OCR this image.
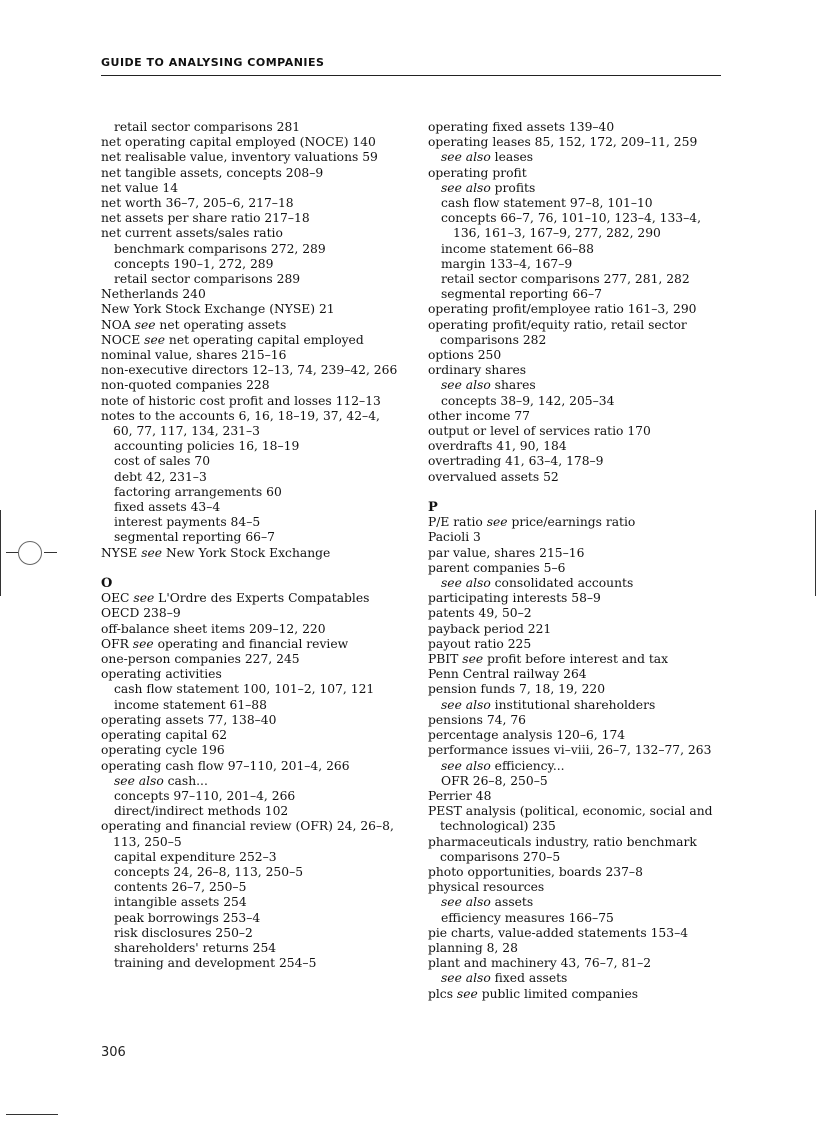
GUIDE TO ANALYSING COMPANIES
retail sector comparisons 281
net operating capital employed (NOCE) 140
net realisable value, inventory valuations 59
net tangible assets, concepts 208–9
net value 14
net worth 36–7, 205–6, 217–18
net assets per share ratio 217–18
net current assets/sales ratio
benchmark comparisons 272, 289
concepts 190–1, 272, 289
retail sector comparisons 289
Netherlands 240
New York Stock Exchange (NYSE) 21
NOA see net operating assets
NOCE see net operating capital employed
nominal value, shares 215–16
non-executive directors 12–13, 74, 239–42, 266
non-quoted companies 228
note of historic cost profit and losses 112–13
notes to the accounts 6, 16, 18–19, 37, 42–4, 60, 77, 117, 134, 231–3
accounting policies 16, 18–19
cost of sales 70
debt 42, 231–3
factoring arrangements 60
fixed assets 43–4
interest payments 84–5
segmental reporting 66–7
NYSE see New York Stock Exchange
O
OEC see L'Ordre des Experts Compatables
OECD 238–9
off-balance sheet items 209–12, 220
OFR see operating and financial review
one-person companies 227, 245
operating activities
cash flow statement 100, 101–2, 107, 121
income statement 61–88
operating assets 77, 138–40
operating capital 62
operating cycle 196
operating cash flow 97–110, 201–4, 266
see also cash...
concepts 97–110, 201–4, 266
direct/indirect methods 102
operating and financial review (OFR) 24, 26–8, 113, 250–5
capital expenditure 252–3
concepts 24, 26–8, 113, 250–5
contents 26–7, 250–5
intangible assets 254
peak borrowings 253–4
risk disclosures 250–2
shareholders' returns 254
training and development 254–5
operating fixed assets 139–40
operating leases 85, 152, 172, 209–11, 259
see also leases
operating profit
see also profits
cash flow statement 97–8, 101–10
concepts 66–7, 76, 101–10, 123–4, 133–4, 136, 161–3, 167–9, 277, 282, 290
income statement 66–88
margin 133–4, 167–9
retail sector comparisons 277, 281, 282
segmental reporting 66–7
operating profit/employee ratio 161–3, 290
operating profit/equity ratio, retail sector comparisons 282
options 250
ordinary shares
see also shares
concepts 38–9, 142, 205–34
other income 77
output or level of services ratio 170
overdrafts 41, 90, 184
overtrading 41, 63–4, 178–9
overvalued assets 52
P
P/E ratio see price/earnings ratio
Pacioli 3
par value, shares 215–16
parent companies 5–6
see also consolidated accounts
participating interests 58–9
patents 49, 50–2
payback period 221
payout ratio 225
PBIT see profit before interest and tax
Penn Central railway 264
pension funds 7, 18, 19, 220
see also institutional shareholders
pensions 74, 76
percentage analysis 120–6, 174
performance issues vi–viii, 26–7, 132–77, 263
see also efficiency...
OFR 26–8, 250–5
Perrier 48
PEST analysis (political, economic, social and technological) 235
pharmaceuticals industry, ratio benchmark comparisons 270–5
photo opportunities, boards 237–8
physical resources
see also assets
efficiency measures 166–75
pie charts, value-added statements 153–4
planning 8, 28
plant and machinery 43, 76–7, 81–2
see also fixed assets
plcs see public limited companies
306
